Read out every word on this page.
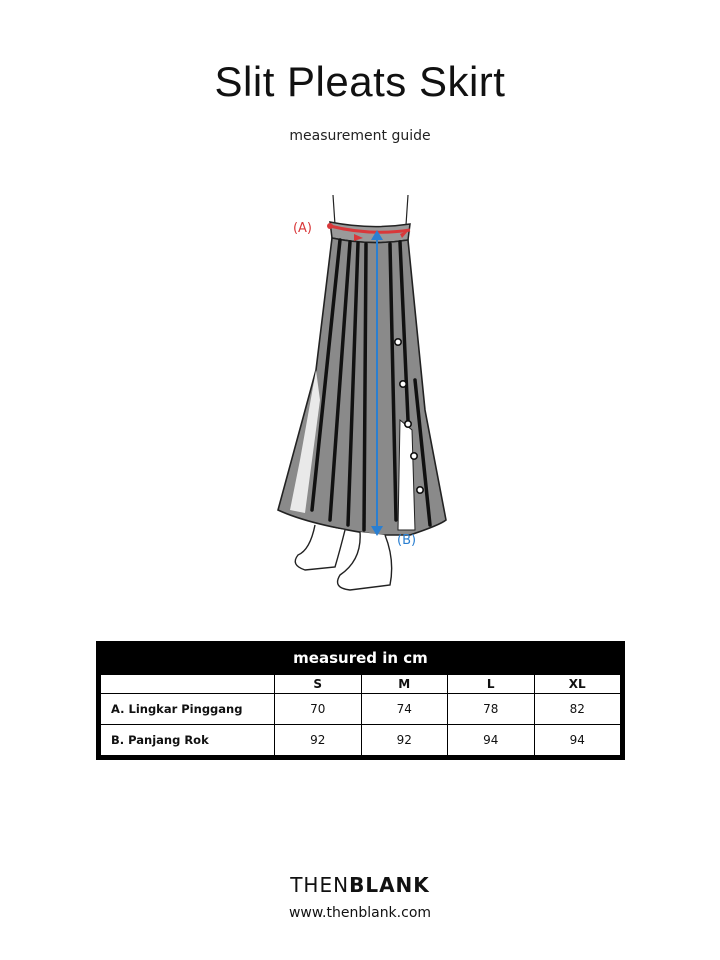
Slit Pleats Skirt
measurement guide
(A)
(B)
measured in cm
	S	M	L	XL
A. Lingkar Pinggang	70	74	78	82
B. Panjang Rok	92	92	94	94
THENBLANK
www.thenblank.com
